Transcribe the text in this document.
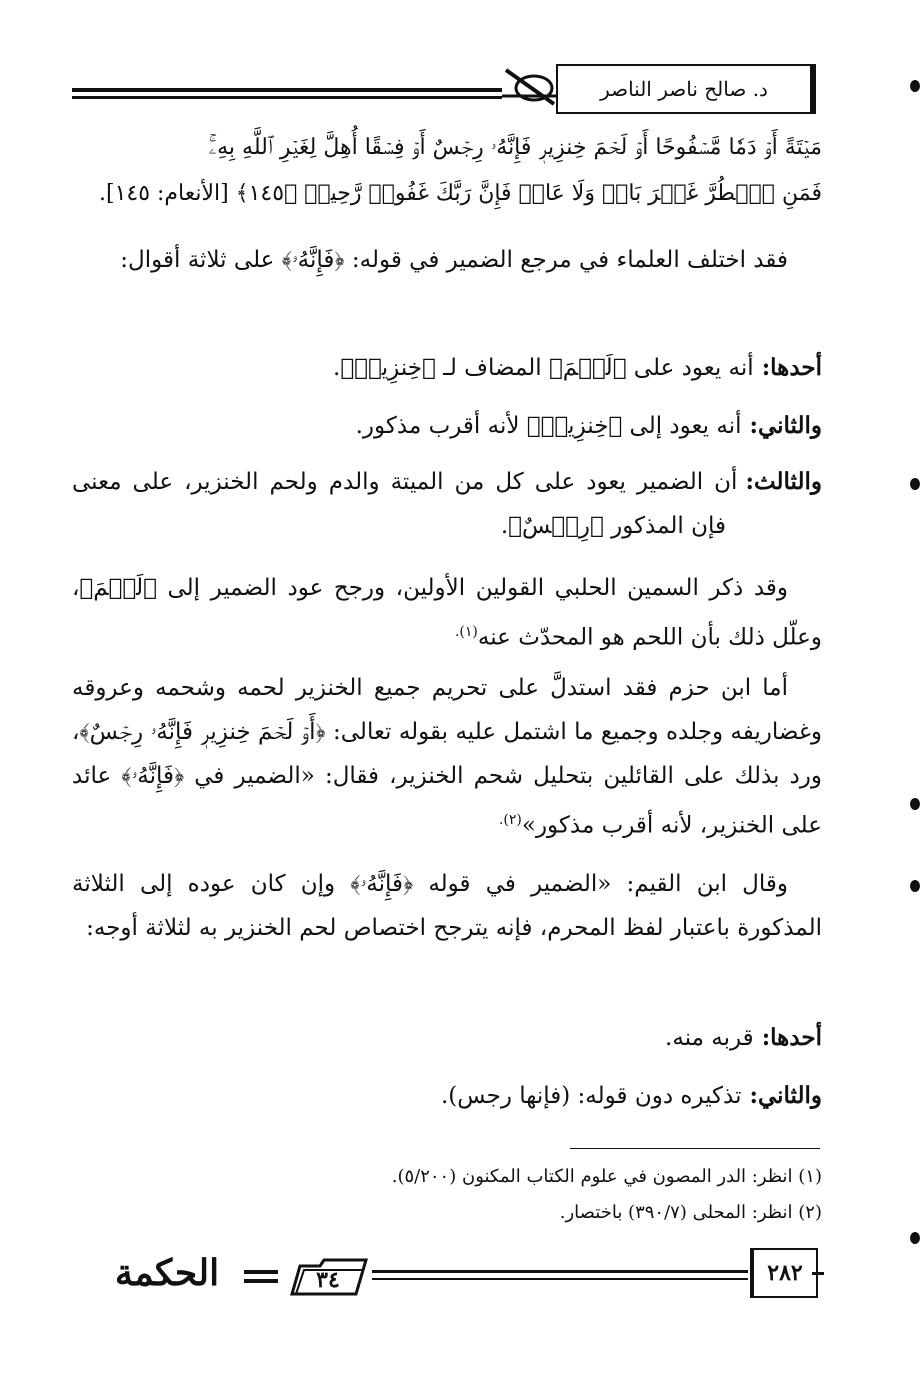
د. صالح ناصر الناصر

مَيۡتَةً أَوۡ دَمٗا مَّسۡفُوحًا أَوۡ لَحۡمَ خِنزِيرٖ فَإِنَّهُۥ رِجۡسٌ أَوۡ فِسۡقًا أُهِلَّ لِغَيۡرِ ٱللَّهِ بِهِۦۚ

فَمَنِ ٱضۡطُرَّ غَيۡرَ بَاغٖ وَلَا عَادٖ فَإِنَّ رَبَّكَ غَفُورٞ رَّحِيمٞ ﴿١٤٥﴾ [الأنعام: ١٤٥].

فقد اختلف العلماء في مرجع الضمير في قوله: ﴿فَإِنَّهُۥ﴾ على ثلاثة أقوال:

أحدها:أنه يعود على ﴿لَحۡمَ﴾ المضاف لـ ﴿خِنزِيرٖ﴾.
والثاني:أنه يعود إلى ﴿خِنزِيرٖ﴾ لأنه أقرب مذكور.
والثالث:أن الضمير يعود على كل من الميتة والدم ولحم الخنزير، على معنى فإن المذكور ﴿رِجۡسٌ﴾.

وقد ذكر السمين الحلبي القولين الأولين، ورجح عود الضمير إلى ﴿لَحۡمَ﴾، وعلّل ذلك بأن اللحم هو المحدّث عنه$^{(١).}$

أما ابن حزم فقد استدلَّ على تحريم جميع الخنزير لحمه وشحمه وعروقه وغضاريفه وجلده وجميع ما اشتمل عليه بقوله تعالى: ﴿أَوۡ لَحۡمَ خِنزِيرٖ فَإِنَّهُۥ رِجۡسٌ﴾، ورد بذلك على القائلين بتحليل شحم الخنزير، فقال: «الضمير في ﴿فَإِنَّهُۥ﴾ عائد على الخنزير، لأنه أقرب مذكور»$^{(٢).}$

وقال ابن القيم: «الضمير في قوله ﴿فَإِنَّهُۥ﴾ وإن كان عوده إلى الثلاثة المذكورة باعتبار لفظ المحرم، فإنه يترجح اختصاص لحم الخنزير به لثلاثة أوجه:

أحدها:قربه منه.
والثاني:تذكيره دون قوله: (فإنها رجس).
(١) انظر: الدر المصون في علوم الكتاب المكنون (٥/٢٠٠).
(٢) انظر: المحلى (٣٩٠/٧) باختصار.
الحكمة	٣٤	٢٨٢
